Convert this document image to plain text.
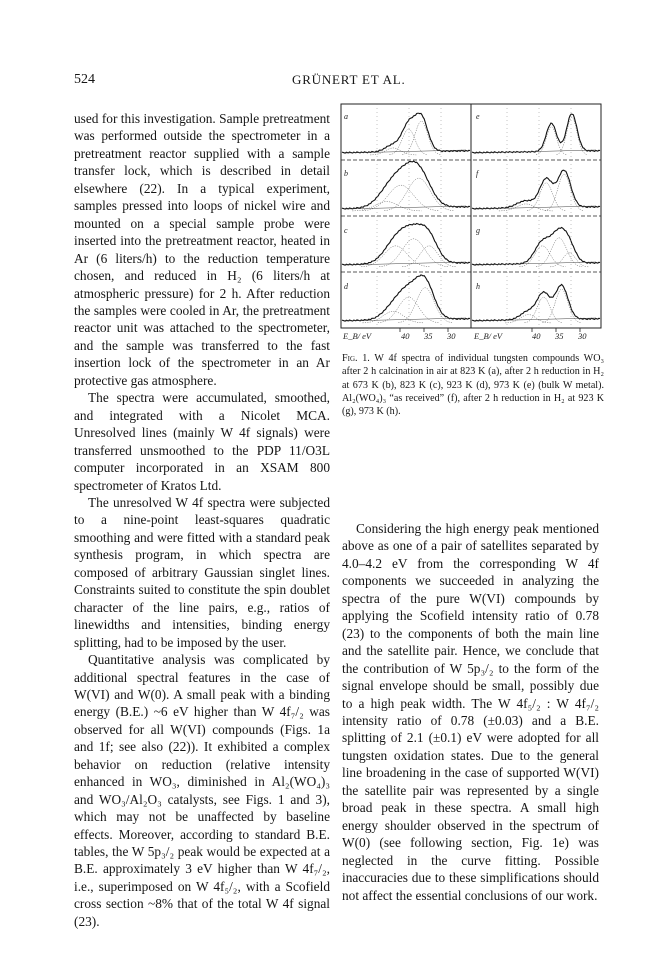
524	GRÜNERT ET AL.

used for this investigation. Sample pretreatment was performed outside the spectrometer in a pretreatment reactor supplied with a sample transfer lock, which is described in detail elsewhere (22). In a typical experiment, samples pressed into loops of nickel wire and mounted on a special sample probe were inserted into the pretreatment reactor, heated in Ar (6 liters/h) to the reduction temperature chosen, and reduced in H₂ (6 liters/h at atmospheric pressure) for 2 h. After reduction the samples were cooled in Ar, the pretreatment reactor unit was attached to the spectrometer, and the sample was transferred to the fast insertion lock of the spectrometer in an Ar protective gas atmosphere.

The spectra were accumulated, smoothed, and integrated with a Nicolet MCA. Unresolved lines (mainly W 4f signals) were transferred unsmoothed to the PDP 11/O3L computer incorporated in an XSAM 800 spectrometer of Kratos Ltd.

The unresolved W 4f spectra were subjected to a nine-point least-squares quadratic smoothing and were fitted with a standard peak synthesis program, in which spectra are composed of arbitrary Gaussian singlet lines. Constraints suited to constitute the spin doublet character of the line pairs, e.g., ratios of linewidths and intensities, binding energy splitting, had to be imposed by the user.

Quantitative analysis was complicated by additional spectral features in the case of W(VI) and W(0). A small peak with a binding energy (B.E.) ~6 eV higher than W 4f₇/₂ was observed for all W(VI) compounds (Figs. 1a and 1f; see also (22)). It exhibited a complex behavior on reduction (relative intensity enhanced in WO₃, diminished in Al₂(WO₄)₃ and WO₃/Al₂O₃ catalysts, see Figs. 1 and 3), which may not be unaffected by baseline effects. Moreover, according to standard B.E. tables, the W 5p₃/₂ peak would be expected at a B.E. approximately 3 eV higher than W 4f₇/₂, i.e., superimposed on W 4f₅/₂, with a Scofield cross section ~8% that of the total W 4f signal (23).

E_B/ eV	40 35 30 E_B/ eV	40 35 30
a
b
c
d
e
f
g
h
Fig. 1. W 4f spectra of individual tungsten compounds WO₃ after 2 h calcination in air at 823 K (a), after 2 h reduction in H₂ at 673 K (b), 823 K (c), 923 K (d), 973 K (e) (bulk W metal). Al₂(WO₄)₃ “as received” (f), after 2 h reduction in H₂ at 923 K (g), 973 K (h).

Considering the high energy peak mentioned above as one of a pair of satellites separated by 4.0–4.2 eV from the corresponding W 4f components we succeeded in analyzing the spectra of the pure W(VI) compounds by applying the Scofield intensity ratio of 0.78 (23) to the components of both the main line and the satellite pair. Hence, we conclude that the contribution of W 5p₃/₂ to the form of the signal envelope should be small, possibly due to a high peak width. The W 4f₅/₂ : W 4f₇/₂ intensity ratio of 0.78 (±0.03) and a B.E. splitting of 2.1 (±0.1) eV were adopted for all tungsten oxidation states. Due to the general line broadening in the case of supported W(VI) the satellite pair was represented by a single broad peak in these spectra. A small high energy shoulder observed in the spectrum of W(0) (see following section, Fig. 1e) was neglected in the curve fitting. Possible inaccuracies due to these simplifications should not affect the essential conclusions of our work.
